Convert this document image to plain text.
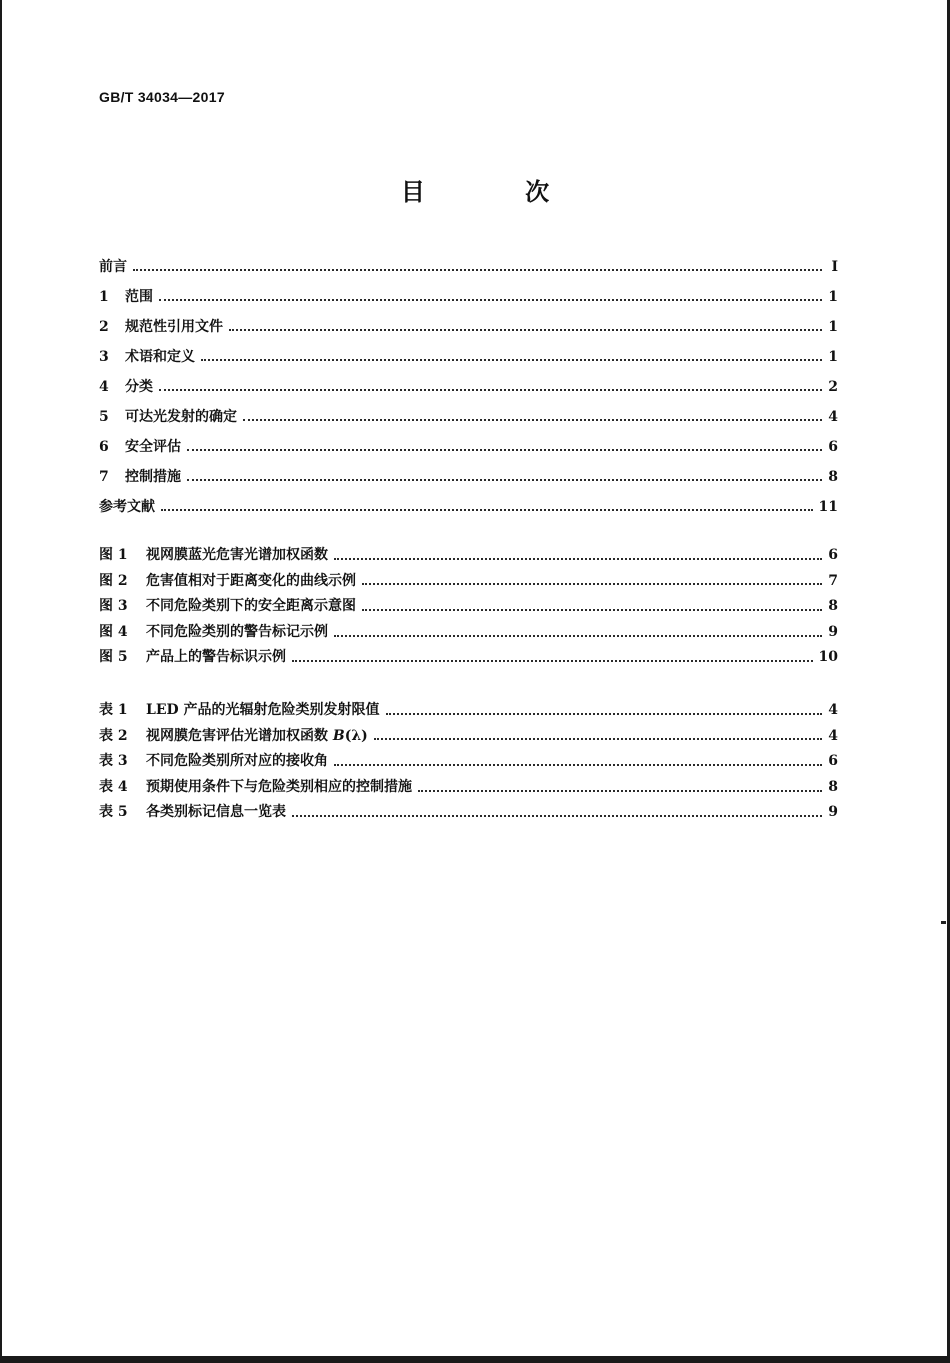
GB/T 34034—2017
目 次
前言	I
1	范围	1
2	规范性引用文件	1
3	术语和定义	1
4	分类	2
5	可达光发射的确定	4
6	安全评估	6
7	控制措施	8
参考文献	11
图 1	视网膜蓝光危害光谱加权函数	6
图 2	危害值相对于距离变化的曲线示例	7
图 3	不同危险类别下的安全距离示意图	8
图 4	不同危险类别的警告标记示例	9
图 5	产品上的警告标识示例	10
表 1	LED 产品的光辐射危险类别发射限值	4
表 2	视网膜危害评估光谱加权函数 B(λ)	4
表 3	不同危险类别所对应的接收角	6
表 4	预期使用条件下与危险类别相应的控制措施	8
表 5	各类别标记信息一览表	9
